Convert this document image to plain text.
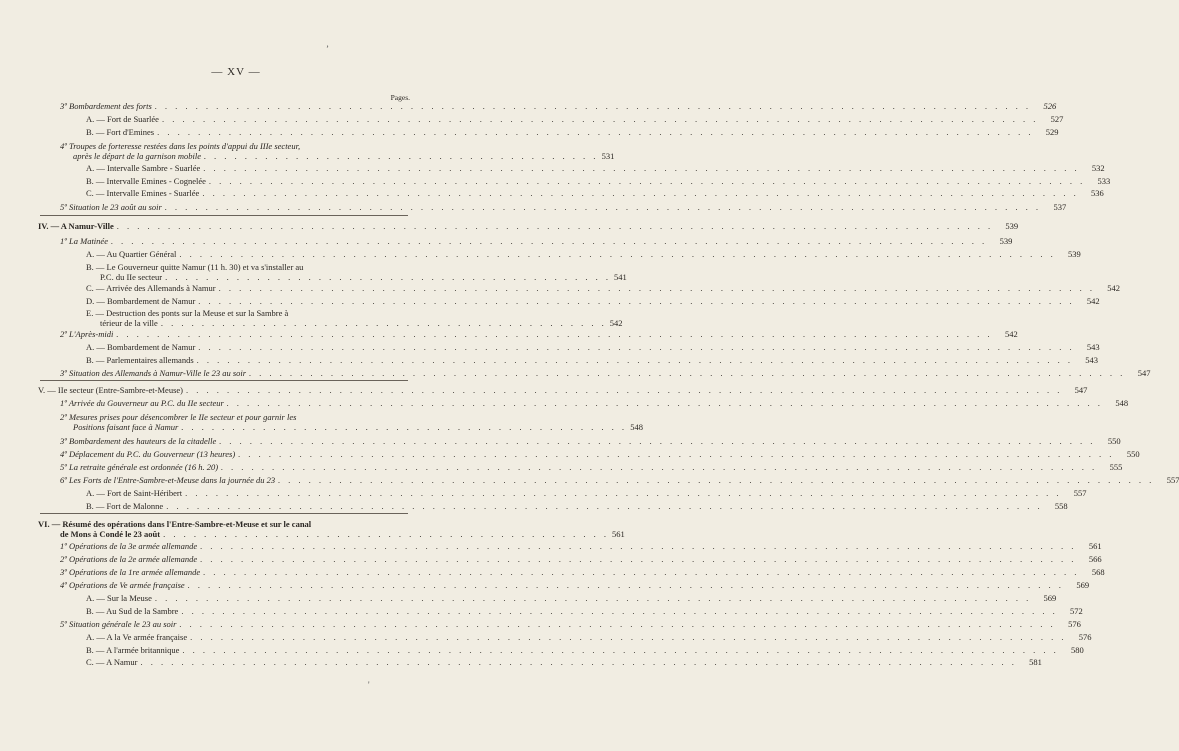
— XV —
Pages.
’
3º Bombardement des forts . . .	526
A. — Fort de Suarlée . . .	527
B. — Fort d'Emines . . .	529
4º Troupes de forteresse restées dans les points d'appui du IIIe secteur,
après le départ de la garnison mobile . . . . . . . . . . . . . . . . . . . . . . . . . . . . . . . . . . . . . . . 531
A. — Intervalle Sambre - Suarlée . . .	532
B. — Intervalle Emines - Cognelée . . .	533
C. — Intervalle Emines - Suarlée . . .	536
5º Situation le 23 août au soir . . .	537
IV. — A Namur-Ville . . .	539
1º La Matinée . . .	539
A. — Au Quartier Général . . .	539
B. — Le Gouverneur quitte Namur (11 h. 30) et va s'installer au
P.C. du IIe secteur . . . . . . . . . . . . . . . . . . . . . . . . . . . . . . . . . . . . . . . . . . . . 541
C. — Arrivée des Allemands à Namur . . .	542
D. — Bombardement de Namur . . .	542
E. — Destruction des ponts sur la Meuse et sur la Sambre à
térieur de la ville . . . . . . . . . . . . . . . . . . . . . . . . . . . . . . . . . . . . . . . . . . . . 542
2º L'Après-midi . . .	542
A. — Bombardement de Namur . . .	543
B. — Parlementaires allemands . . .	543
3º Situation des Allemands à Namur-Ville le 23 au soir . . .	547
V. — IIe secteur (Entre-Sambre-et-Meuse) . . .	547
1º Arrivée du Gouverneur au P.C. du IIe secteur . . .	548
2º Mesures prises pour désencombrer le IIe secteur et pour garnir les
Positions faisant face à Namur . . . . . . . . . . . . . . . . . . . . . . . . . . . . . . . . . . . . . . . . . . . . 548
3º Bombardement des hauteurs de la citadelle . . .	550
4º Déplacement du P.C. du Gouverneur (13 heures) . . .	550
5º La retraite générale est ordonnée (16 h. 20) . . .	555
6º Les Forts de l'Entre-Sambre-et-Meuse dans la journée du 23 . . .	557
A. — Fort de Saint-Héribert . . .	557
B. — Fort de Malonne . . .	558
VI. — Résumé des opérations dans l'Entre-Sambre-et-Meuse et sur le canal
de Mons à Condé le 23 août . . . . . . . . . . . . . . . . . . . . . . . . . . . . . . . . . . . . . . . . . . . . 561
1º Opérations de la 3e armée allemande . . .	561
2º Opérations de la 2e armée allemande . . .	566
3º Opérations de la 1re armée allemande . . .	568
4º Opérations de Ve armée française . . .	569
A. — Sur la Meuse . . .	569
B. — Au Sud de la Sambre . . .	572
5º Situation générale le 23 au soir . . .	576
A. — A la Ve armée française . . .	576
B. — A l'armée britannique . . .	580
C. — A Namur . . .	581
'
